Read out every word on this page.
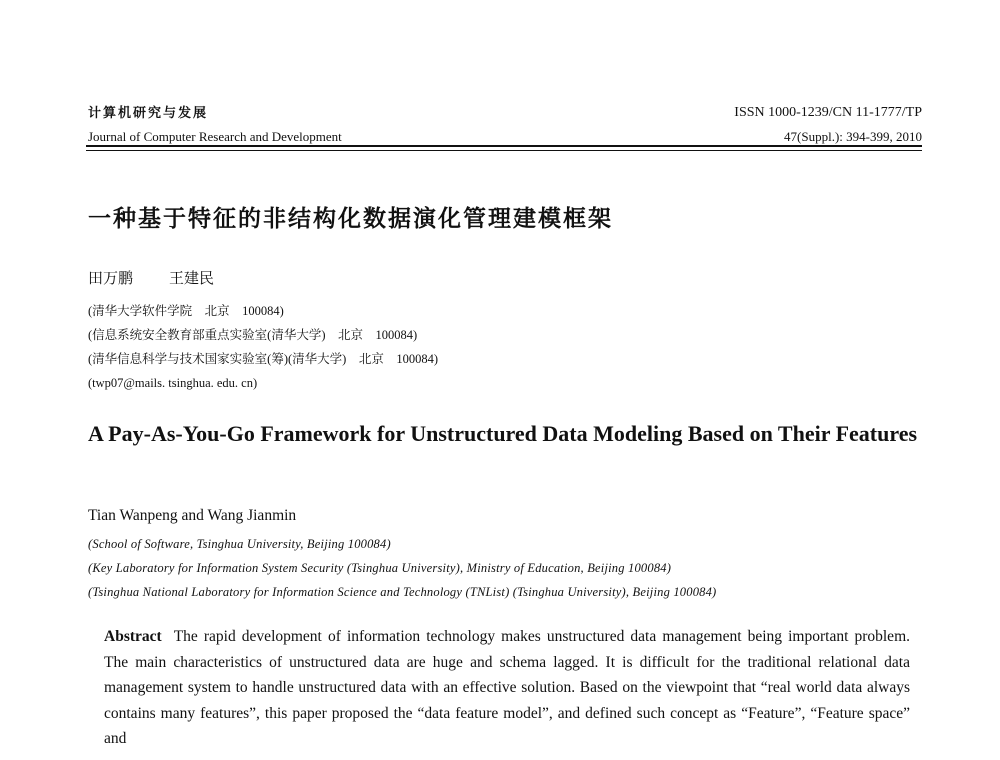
计算机研究与发展
Journal of Computer Research and Development
ISSN 1000-1239/CN 11-1777/TP
47(Suppl.): 394-399, 2010
一种基于特征的非结构化数据演化管理建模框架
田万鹏 王建民
(清华大学软件学院　北京　100084)
(信息系统安全教育部重点实验室(清华大学)　北京　100084)
(清华信息科学与技术国家实验室(筹)(清华大学)　北京　100084)
(twp07@mails. tsinghua. edu. cn)
A Pay-As-You-Go Framework for Unstructured Data Modeling Based on Their Features
Tian Wanpeng and Wang Jianmin
(School of Software, Tsinghua University, Beijing 100084)
(Key Laboratory for Information System Security (Tsinghua University), Ministry of Education, Beijing 100084)
(Tsinghua National Laboratory for Information Science and Technology (TNList) (Tsinghua University), Beijing 100084)
Abstract The rapid development of information technology makes unstructured data management being important problem. The main characteristics of unstructured data are huge and schema lagged. It is difficult for the traditional relational data management system to handle unstructured data with an effective solution. Based on the viewpoint that “real world data always contains many features”, this paper proposed the “data feature model”, and defined such concept as “Feature”, “Feature space” and
